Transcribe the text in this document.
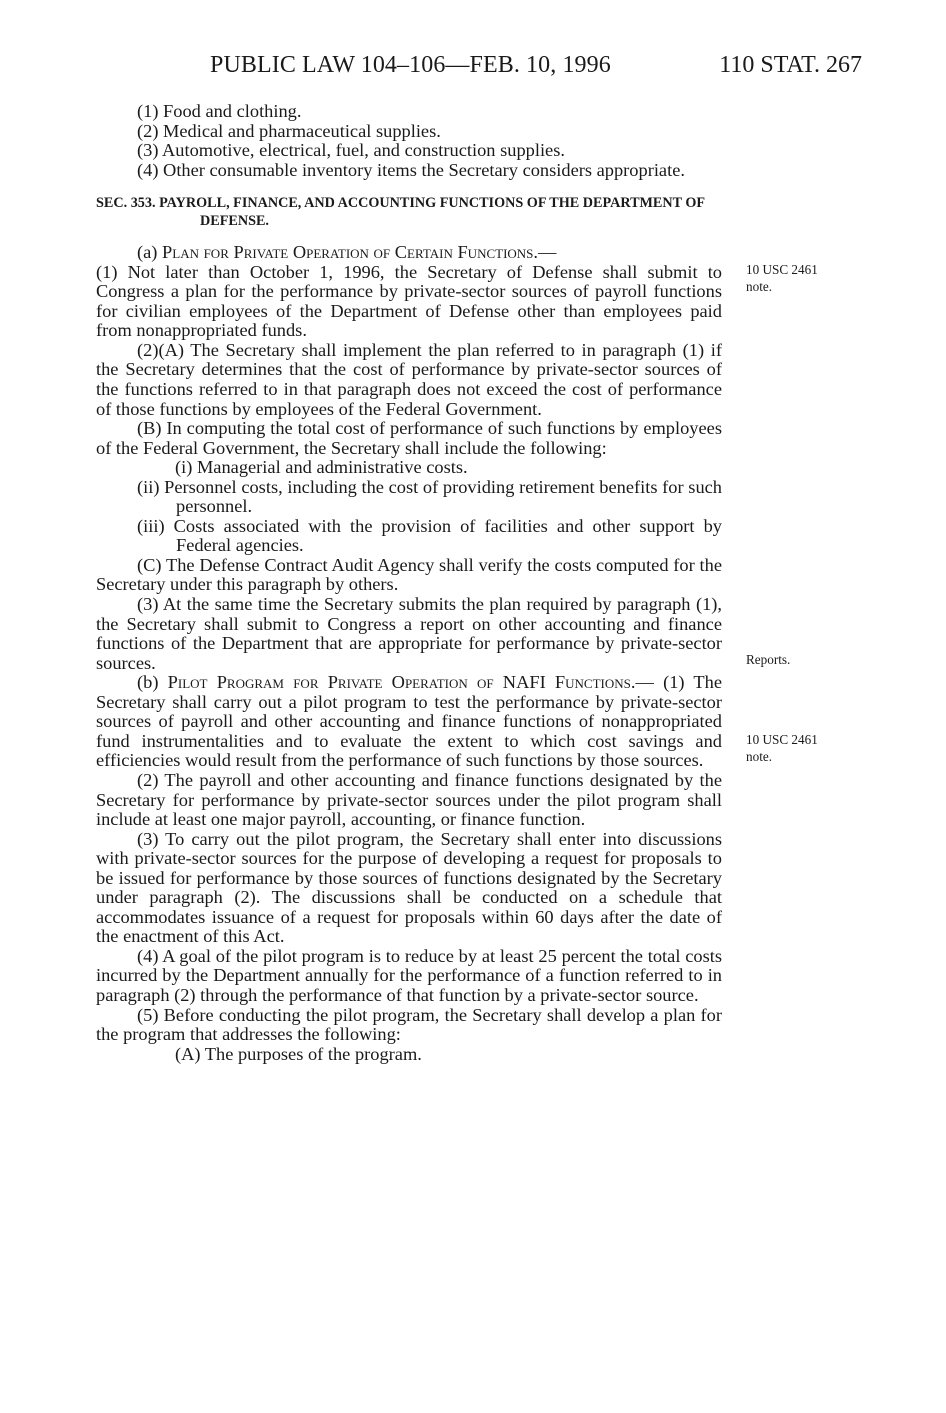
PUBLIC LAW 104–106—FEB. 10, 1996	110 STAT. 267

(1) Food and clothing.

(2) Medical and pharmaceutical supplies.

(3) Automotive, electrical, fuel, and construction supplies.

(4) Other consumable inventory items the Secretary considers appropriate.

SEC. 353. PAYROLL, FINANCE, AND ACCOUNTING FUNCTIONS OF THE DEPARTMENT OF DEFENSE.

(a) Plan for Private Operation of Certain Functions.—

(1) Not later than October 1, 1996, the Secretary of Defense shall submit to Congress a plan for the performance by private-sector sources of payroll functions for civilian employees of the Department of Defense other than employees paid from nonappropriated funds.

(2)(A) The Secretary shall implement the plan referred to in paragraph (1) if the Secretary determines that the cost of performance by private-sector sources of the functions referred to in that paragraph does not exceed the cost of performance of those functions by employees of the Federal Government.

(B) In computing the total cost of performance of such functions by employees of the Federal Government, the Secretary shall include the following:

(i) Managerial and administrative costs.

(ii) Personnel costs, including the cost of providing retirement benefits for such personnel.

(iii) Costs associated with the provision of facilities and other support by Federal agencies.

(C) The Defense Contract Audit Agency shall verify the costs computed for the Secretary under this paragraph by others.

(3) At the same time the Secretary submits the plan required by paragraph (1), the Secretary shall submit to Congress a report on other accounting and finance functions of the Department that are appropriate for performance by private-sector sources.

(b) Pilot Program for Private Operation of NAFI Functions.— (1) The Secretary shall carry out a pilot program to test the performance by private-sector sources of payroll and other accounting and finance functions of nonappropriated fund instrumentalities and to evaluate the extent to which cost savings and efficiencies would result from the performance of such functions by those sources.

(2) The payroll and other accounting and finance functions designated by the Secretary for performance by private-sector sources under the pilot program shall include at least one major payroll, accounting, or finance function.

(3) To carry out the pilot program, the Secretary shall enter into discussions with private-sector sources for the purpose of developing a request for proposals to be issued for performance by those sources of functions designated by the Secretary under paragraph (2). The discussions shall be conducted on a schedule that accommodates issuance of a request for proposals within 60 days after the date of the enactment of this Act.

(4) A goal of the pilot program is to reduce by at least 25 percent the total costs incurred by the Department annually for the performance of a function referred to in paragraph (2) through the performance of that function by a private-sector source.

(5) Before conducting the pilot program, the Secretary shall develop a plan for the program that addresses the following:

(A) The purposes of the program.

10 USC 2461
note.
Reports.
10 USC 2461
note.
